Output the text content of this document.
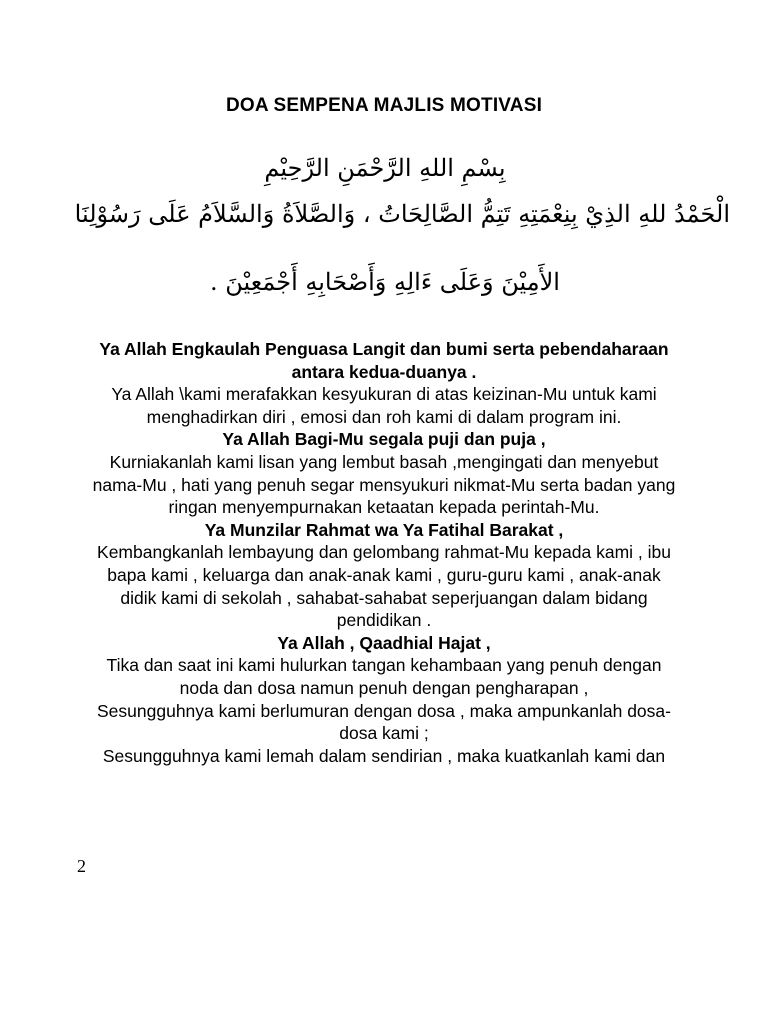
DOA SEMPENA MAJLIS MOTIVASI
بِسْمِ اللهِ الرَّحْمَنِ الرَّحِيْمِ
الْحَمْدُ للهِ الذِيْ بِنِعْمَتِهِ تَتِمُّ الصَّالِحَاتُ ، وَالصَّلاَةُ وَالسَّلاَمُ عَلَى رَسُوْلِنَا
الأَمِيْنَ وَعَلَى ءَالِهِ وَأَصْحَابِهِ أَجْمَعِيْنَ .

Ya Allah Engkaulah Penguasa Langit dan bumi serta pebendaharaan
antara kedua-duanya .

Ya Allah \kami merafakkan kesyukuran di atas keizinan-Mu untuk kami
menghadirkan diri , emosi dan roh kami di dalam program ini.

Ya Allah Bagi-Mu segala puji dan puja ,

Kurniakanlah kami lisan yang lembut basah ,mengingati dan menyebut
nama-Mu , hati yang penuh segar mensyukuri nikmat-Mu serta badan yang
ringan menyempurnakan ketaatan kepada perintah-Mu.

Ya Munzilar Rahmat wa Ya Fatihal Barakat ,

Kembangkanlah lembayung dan gelombang rahmat-Mu kepada kami , ibu
bapa kami , keluarga dan anak-anak kami , guru-guru kami , anak-anak
didik kami di sekolah , sahabat-sahabat seperjuangan dalam bidang
pendidikan .

Ya Allah , Qaadhial Hajat ,

Tika dan saat ini kami hulurkan tangan kehambaan yang penuh dengan
noda dan dosa namun penuh dengan pengharapan ,
Sesungguhnya kami berlumuran dengan dosa , maka ampunkanlah dosa-
dosa kami ;
Sesungguhnya kami lemah dalam sendirian , maka kuatkanlah kami dan

2
